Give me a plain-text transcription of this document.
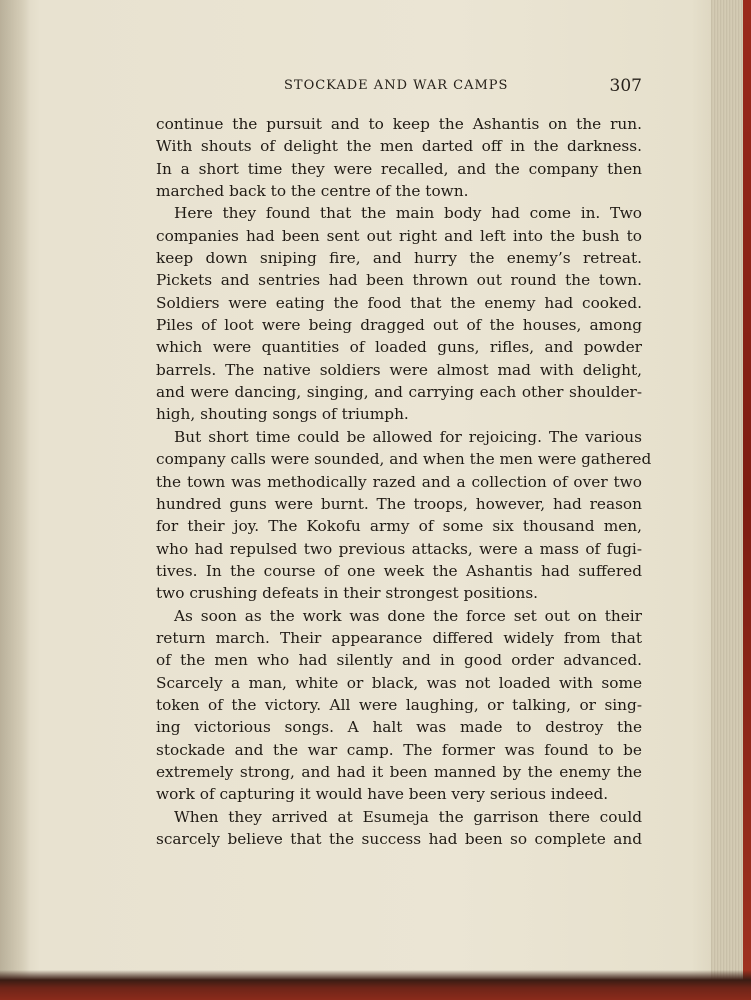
STOCKADE AND WAR CAMPS	307
continue the pursuit and to keep the Ashantis on the run.
With shouts of delight the men darted off in the darkness.
In a short time they were recalled, and the company then
marched back to the centre of the town.
Here they found that the main body had come in. Two
companies had been sent out right and left into the bush to
keep down sniping fire, and hurry the enemy’s retreat.
Pickets and sentries had been thrown out round the town.
Soldiers were eating the food that the enemy had cooked.
Piles of loot were being dragged out of the houses, among
which were quantities of loaded guns, rifles, and powder
barrels. The native soldiers were almost mad with delight,
and were dancing, singing, and carrying each other shoulder-
high, shouting songs of triumph.
But short time could be allowed for rejoicing. The various
company calls were sounded, and when the men were gathered
the town was methodically razed and a collection of over two
hundred guns were burnt. The troops, however, had reason
for their joy. The Kokofu army of some six thousand men,
who had repulsed two previous attacks, were a mass of fugi-
tives. In the course of one week the Ashantis had suffered
two crushing defeats in their strongest positions.
As soon as the work was done the force set out on their
return march. Their appearance differed widely from that
of the men who had silently and in good order advanced.
Scarcely a man, white or black, was not loaded with some
token of the victory. All were laughing, or talking, or sing-
ing victorious songs. A halt was made to destroy the
stockade and the war camp. The former was found to be
extremely strong, and had it been manned by the enemy the
work of capturing it would have been very serious indeed.
When they arrived at Esumeja the garrison there could
scarcely believe that the success had been so complete and
